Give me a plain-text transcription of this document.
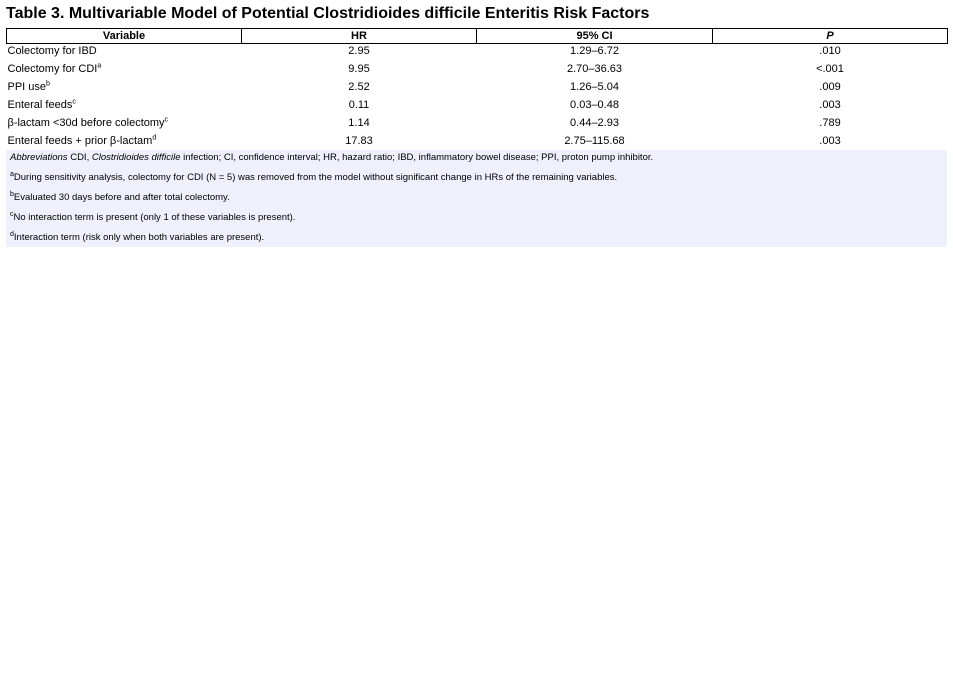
Table 3. Multivariable Model of Potential Clostridioides difficile Enteritis Risk Factors
Variable	HR	95% CI	P
Colectomy for IBD	2.95	1.29–6.72	.010
Colectomy for CDI$^a$	9.95	2.70–36.63	<.001
PPI use$^b$	2.52	1.26–5.04	.009
Enteral feeds$^c$	0.11	0.03–0.48	.003
β-lactam <30d before colectomy$^c$	1.14	0.44–2.93	.789
Enteral feeds + prior β-lactam$^d$	17.83	2.75–115.68	.003
Abbreviations CDI, Clostridioides difficile infection; CI, confidence interval; HR, hazard ratio; IBD, inflammatory bowel disease; PPI, proton pump inhibitor.
$^a$During sensitivity analysis, colectomy for CDI (N = 5) was removed from the model without significant change in HRs of the remaining variables.
$^b$Evaluated 30 days before and after total colectomy.
$^c$No interaction term is present (only 1 of these variables is present).
$^d$Interaction term (risk only when both variables are present).
